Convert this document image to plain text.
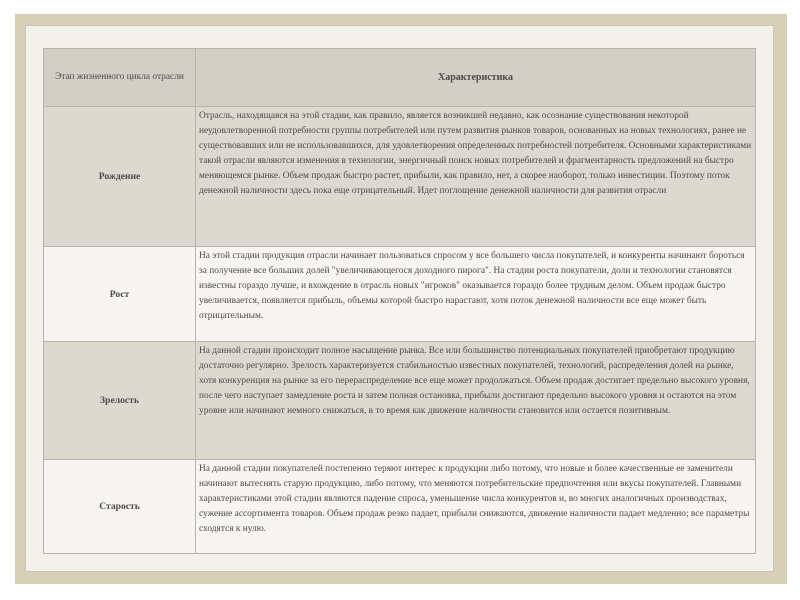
Этап жизненного цикла отрасли	Характеристика
Рождение	Отрасль, находящаяся на этой стадии, как правило, является возникшей недавно, как осознание существования некоторой неудовлетворенной потребности группы потребителей или путем развития рынков товаров, основанных на новых технологиях, ранее не существовавших или не использовавшихся, для удовлетворения определенных потребностей потребителя. Основными характеристиками такой отрасли являются изменения в технологии, энергичный поиск новых потребителей и фрагментарность предложений на быстро меняющемся рынке. Объем продаж быстро растет, прибыли, как правило, нет, а скорее наоборот, только инвестиции. Поэтому поток денежной наличности здесь пока еще отрицательный. Идет поглощение денежной наличности для развития отрасли
Рост	На этой стадии продукция отрасли начинает пользоваться спросом у все большего числа покупателей, и конкуренты начинают бороться за получение все больших долей "увеличивающегося доходного пирога". На стадии роста покупатели, доли и технологии становятся известны гораздо лучше, и вхождение в отрасль новых "игроков" оказывается гораздо более трудным делом. Объем продаж быстро увеличивается, появляется прибыль, объемы которой быстро нарастают, хотя поток денежной наличности все еще может быть отрицательным.
Зрелость	На данной стадии происходит полное насыщение рынка. Все или большинство потенциальных покупателей приобретают продукцию достаточно регулярно. Зрелость характеризуется стабильностью известных покупателей, технологий, распределения долей на рынке, хотя конкуренция на рынке за его перераспределение все еще может продолжаться. Объем продаж достигает предельно высокого уровня, после чего наступает замедление роста и затем полная остановка, прибыли достигают предельно высокого уровня и остаются на этом уровне или начинают немного снижаться, в то время как движение наличности становится или остается позитивным.
Старость	На данной стадии покупателей постепенно теряют интерес к продукции либо потому, что новые и более качественные ее заменители начинают вытеснять старую продукцию, либо потому, что меняются потребительские предпочтения или вкусы покупателей. Главными характеристиками этой стадии являются падение спроса, уменьшение числа конкурентов и, во многих аналогичных производствах, сужение ассортимента товаров. Объем продаж резко падает, прибыли снижаются, движение наличности падает медленно; все параметры сходятся к нулю.
